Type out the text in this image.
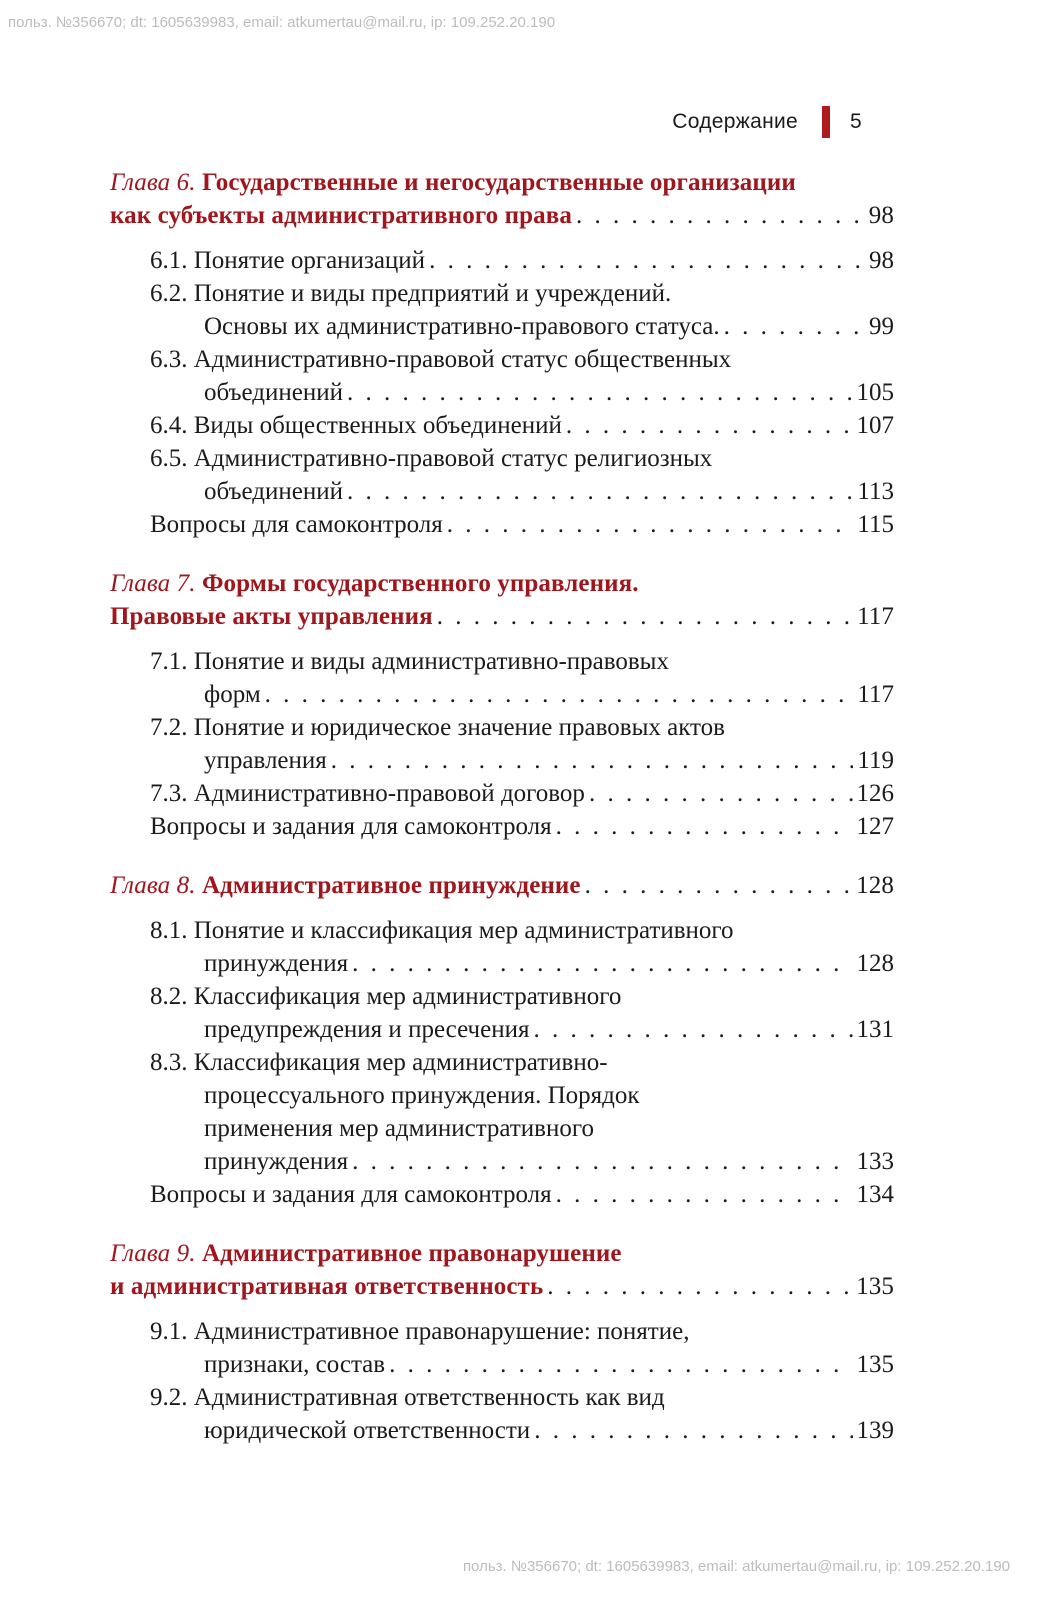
польз. №356670; dt: 1605639983, email: atkumertau@mail.ru, ip: 109.252.20.190
Содержание 5
Глава 6. Государственные и негосударственные организации
как субъекты административного права . . .	98
6.1. Понятие организаций . . .	98
6.2. Понятие и виды предприятий и учреждений.
Основы их административно-правового статуса. . . .	99
6.3. Административно-правовой статус общественных
объединений . . .	105
6.4. Виды общественных объединений . . .	107
6.5. Административно-правовой статус религиозных
объединений . . .	113
Вопросы для самоконтроля . . .	115
Глава 7. Формы государственного управления.
Правовые акты управления . . .	117
7.1. Понятие и виды административно-правовых
форм . . .	117
7.2. Понятие и юридическое значение правовых актов
управления . . .	119
7.3. Административно-правовой договор . . .	126
Вопросы и задания для самоконтроля . . .	127
Глава 8. Административное принуждение . . .	128
8.1. Понятие и классификация мер административного
принуждения . . .	128
8.2. Классификация мер административного
предупреждения и пресечения . . .	131
8.3. Классификация мер административно-
процессуального принуждения. Порядок
применения мер административного
принуждения . . .	133
Вопросы и задания для самоконтроля . . .	134
Глава 9. Административное правонарушение
и административная ответственность . . .	135
9.1. Административное правонарушение: понятие,
признаки, состав . . .	135
9.2. Административная ответственность как вид
юридической ответственности . . .	139
польз. №356670; dt: 1605639983, email: atkumertau@mail.ru, ip: 109.252.20.190
